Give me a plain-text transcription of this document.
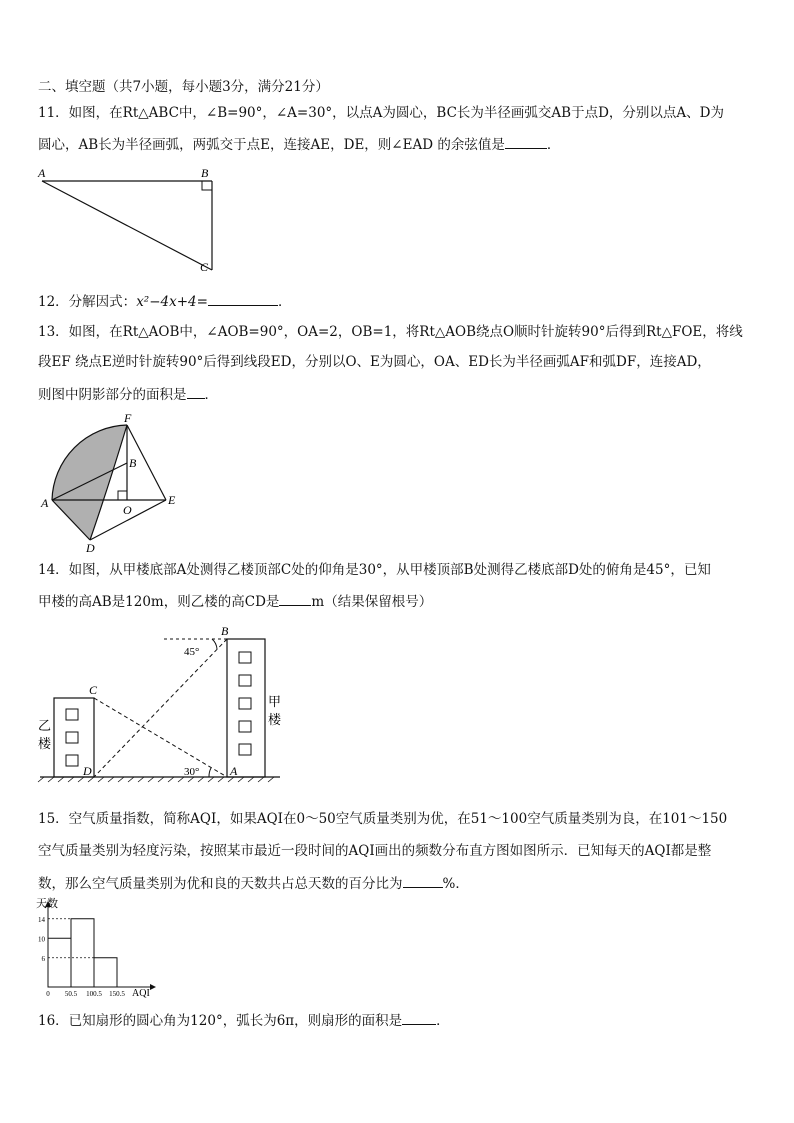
二、填空题（共7小题，每小题3分，满分21分）
11．如图，在Rt△ABC中，∠B=90°，∠A=30°，以点A为圆心，BC长为半径画弧交AB于点D，分别以点A、D为
圆心，AB长为半径画弧，两弧交于点E，连接AE，DE，则∠EAD 的余弦值是	．
A	B
C
12．分解因式：x²−4x+4=	．
13．如图，在Rt△AOB中，∠AOB=90°，OA=2，OB=1，将Rt△AOB绕点O顺时针旋转90°后得到Rt△FOE，将线
段EF 绕点E逆时针旋转90°后得到线段ED，分别以O、E为圆心，OA、ED长为半径画弧AF和弧DF，连接AD，
则图中阴影部分的面积是 ．
F
B
A	O
E
D
14．如图，从甲楼底部A处测得乙楼顶部C处的仰角是30°，从甲楼顶部B处测得乙楼底部D处的俯角是45°，已知
甲楼的高AB是120m，则乙楼的高CD是 m（结果保留根号）
B
C
D	A
45°
30°
乙
楼
甲
楼
15．空气质量指数，简称AQI，如果AQI在0～50空气质量类别为优，在51～100空气质量类别为良，在101～150
空气质量类别为轻度污染，按照某市最近一段时间的AQI画出的频数分布直方图如图所示．已知每天的AQI都是整
数，那么空气质量类别为优和良的天数共占总天数的百分比为	%．
6
10
14
0 50.5 100.5 150.5
天数
AQI
16．已知扇形的圆心角为120°，弧长为6π，则扇形的面积是	．
